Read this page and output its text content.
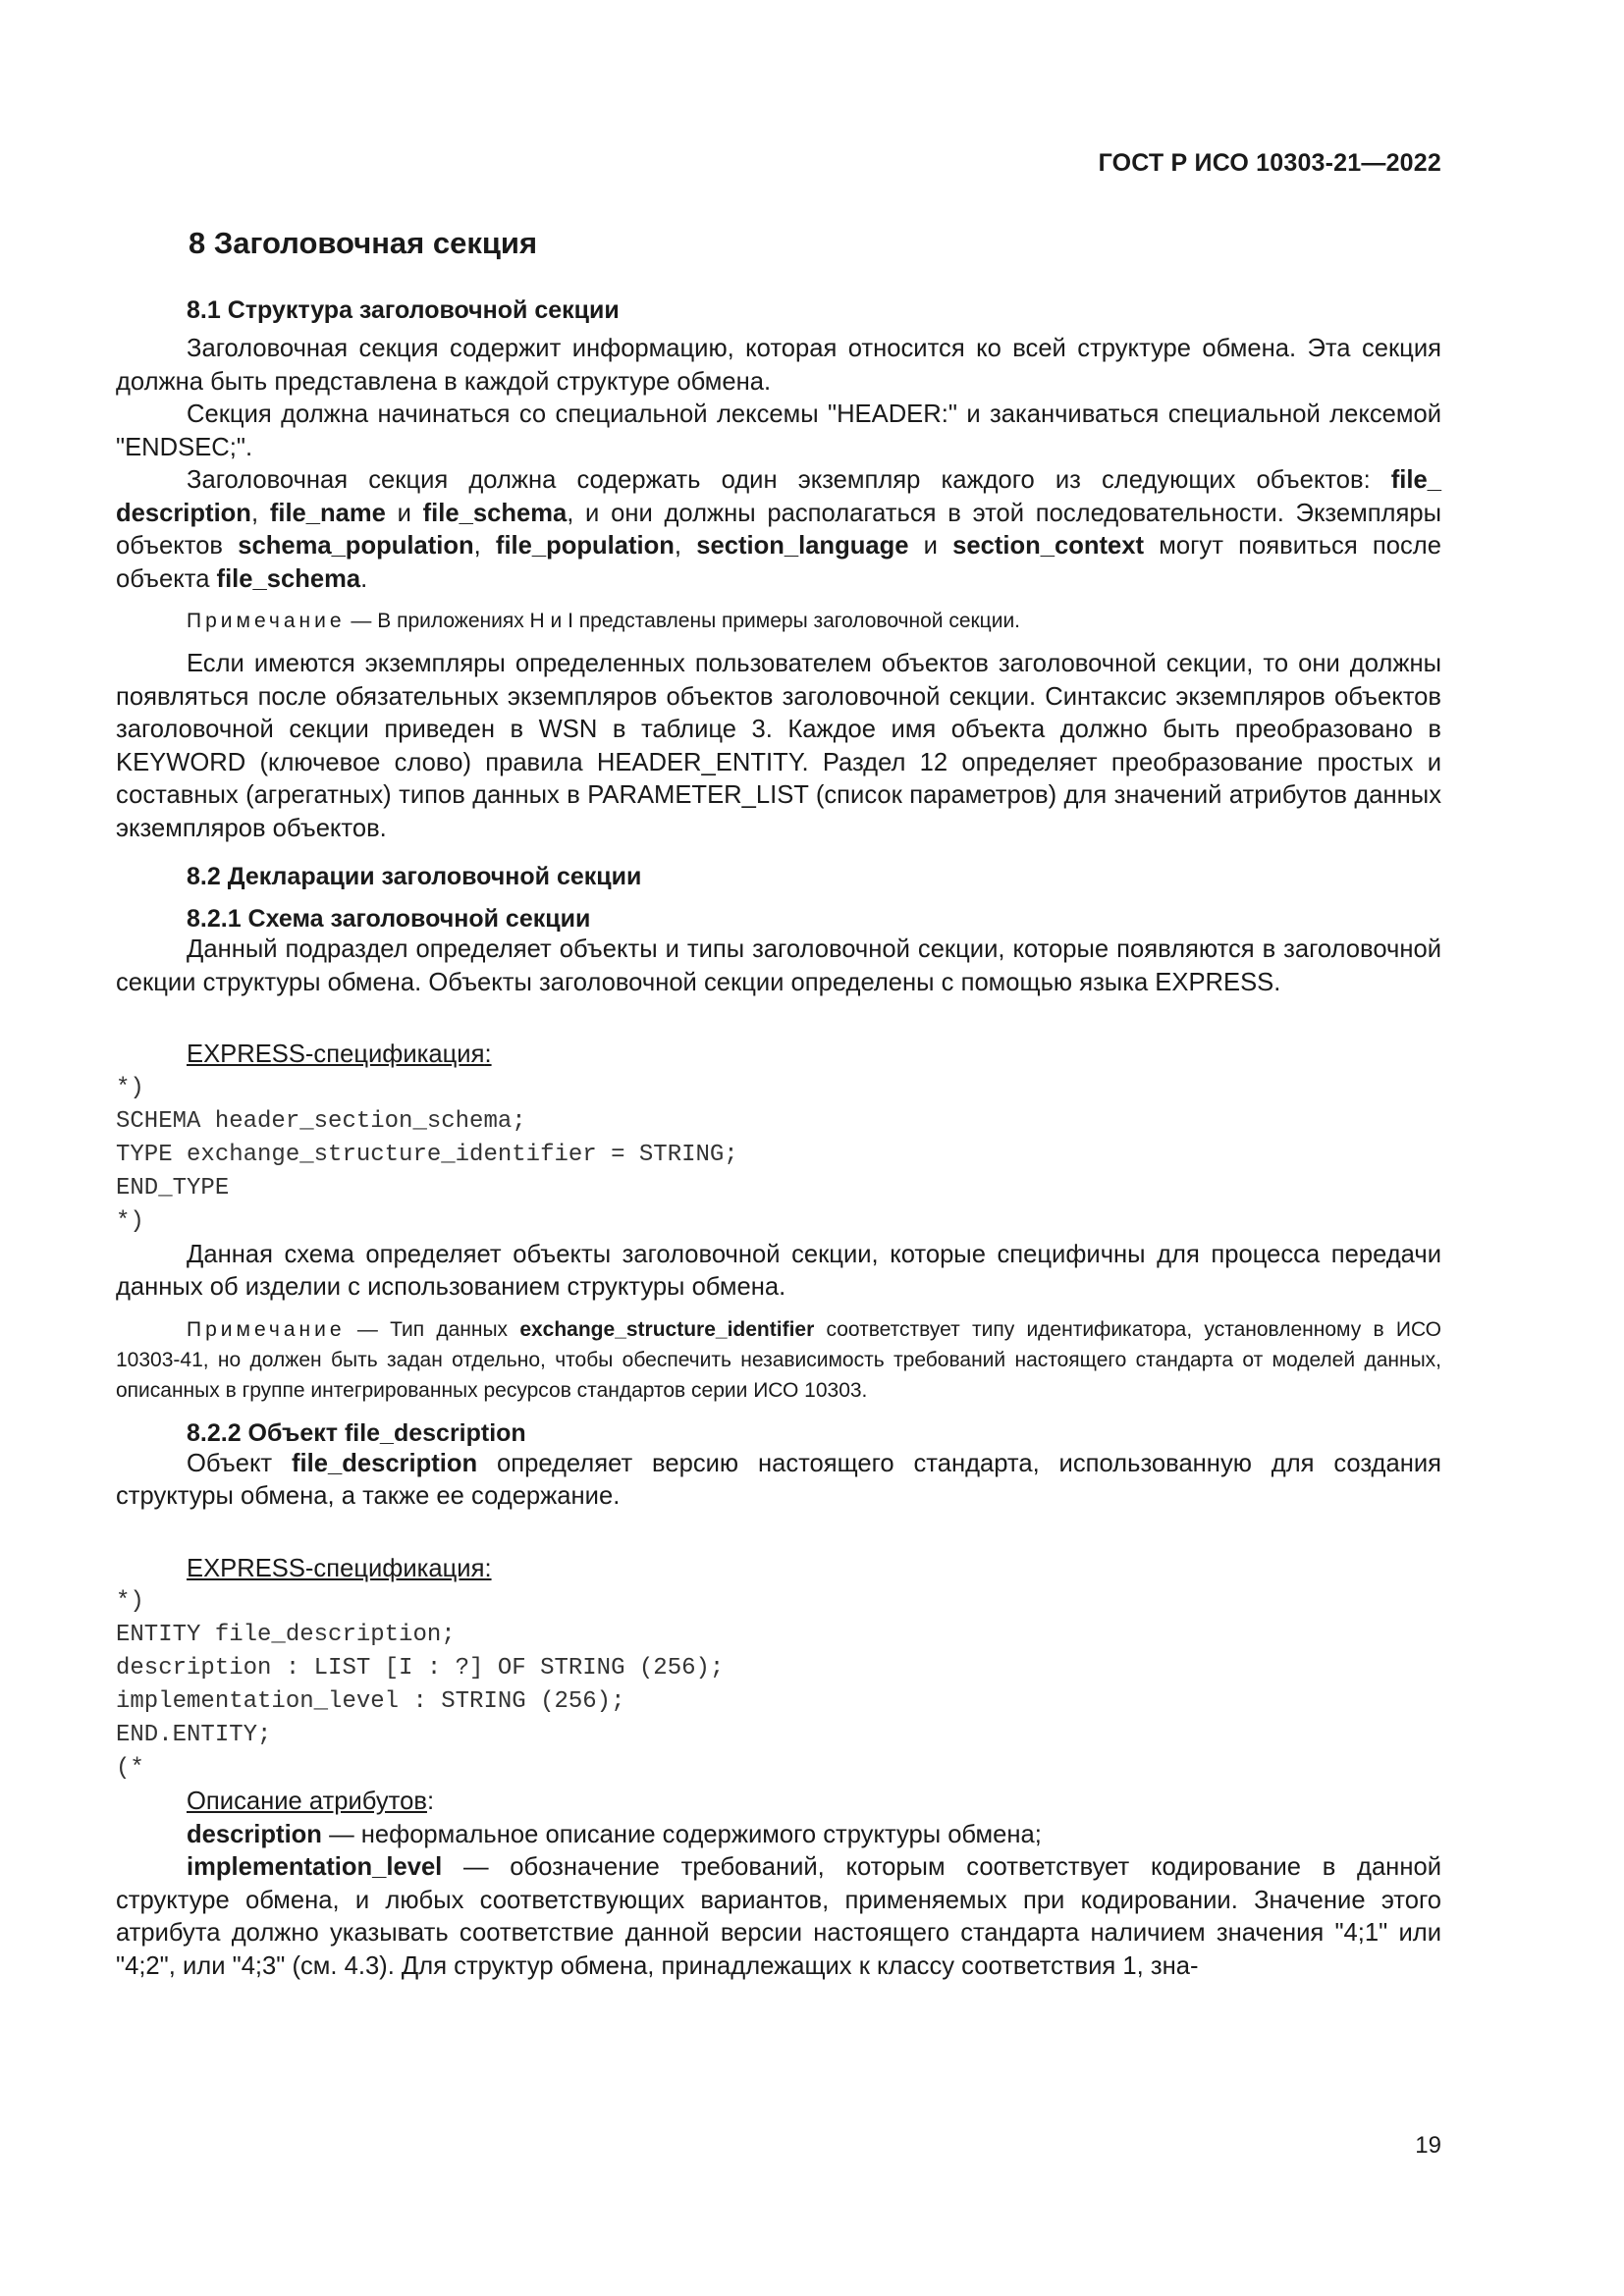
ГОСТ Р ИСО 10303-21—2022
8 Заголовочная секция
8.1 Структура заголовочной секции

Заголовочная секция содержит информацию, которая относится ко всей структуре обмена. Эта секция должна быть представлена в каждой структуре обмена.

Секция должна начинаться со специальной лексемы "HEADER:" и заканчиваться специальной лексемой "ENDSEC;".

Заголовочная секция должна содержать один экземпляр каждого из следующих объектов: file_ description, file_name и file_schema, и они должны располагаться в этой последовательности. Экземпляры объектов schema_population, file_population, section_language и section_context могут появиться после объекта file_schema.

Примечание — В приложениях H и I представлены примеры заголовочной секции.

Если имеются экземпляры определенных пользователем объектов заголовочной секции, то они должны появляться после обязательных экземпляров объектов заголовочной секции. Синтаксис экземпляров объектов заголовочной секции приведен в WSN в таблице 3. Каждое имя объекта должно быть преобразовано в KEYWORD (ключевое слово) правила HEADER_ENTITY. Раздел 12 определяет преобразование простых и составных (агрегатных) типов данных в PARAMETER_LIST (список параметров) для значений атрибутов данных экземпляров объектов.

8.2 Декларации заголовочной секции
8.2.1 Схема заголовочной секции

Данный подраздел определяет объекты и типы заголовочной секции, которые появляются в заголовочной секции структуры обмена. Объекты заголовочной секции определены с помощью языка EXPRESS.

EXPRESS-спецификация:
*)
SCHEMA header_section_schema;
TYPE exchange_structure_identifier = STRING;
END_TYPE
*)

Данная схема определяет объекты заголовочной секции, которые специфичны для процесса передачи данных об изделии с использованием структуры обмена.

Примечание — Тип данных exchange_structure_identifier соответствует типу идентификатора, установленному в ИСО 10303-41, но должен быть задан отдельно, чтобы обеспечить независимость требований настоящего стандарта от моделей данных, описанных в группе интегрированных ресурсов стандартов серии ИСО 10303.

8.2.2 Объект file_description

Объект file_description определяет версию настоящего стандарта, использованную для создания структуры обмена, а также ее содержание.

EXPRESS-спецификация:
*)
ENTITY file_description;
description : LIST [I : ?] OF STRING (256);
implementation_level : STRING (256);
END.ENTITY;
(*
Описание атрибутов:

description — неформальное описание содержимого структуры обмена;

implementation_level — обозначение требований, которым соответствует кодирование в данной структуре обмена, и любых соответствующих вариантов, применяемых при кодировании. Значение этого атрибута должно указывать соответствие данной версии настоящего стандарта наличием значения "4;1" или "4;2", или "4;3" (см. 4.3). Для структур обмена, принадлежащих к классу соответствия 1, зна-

19
